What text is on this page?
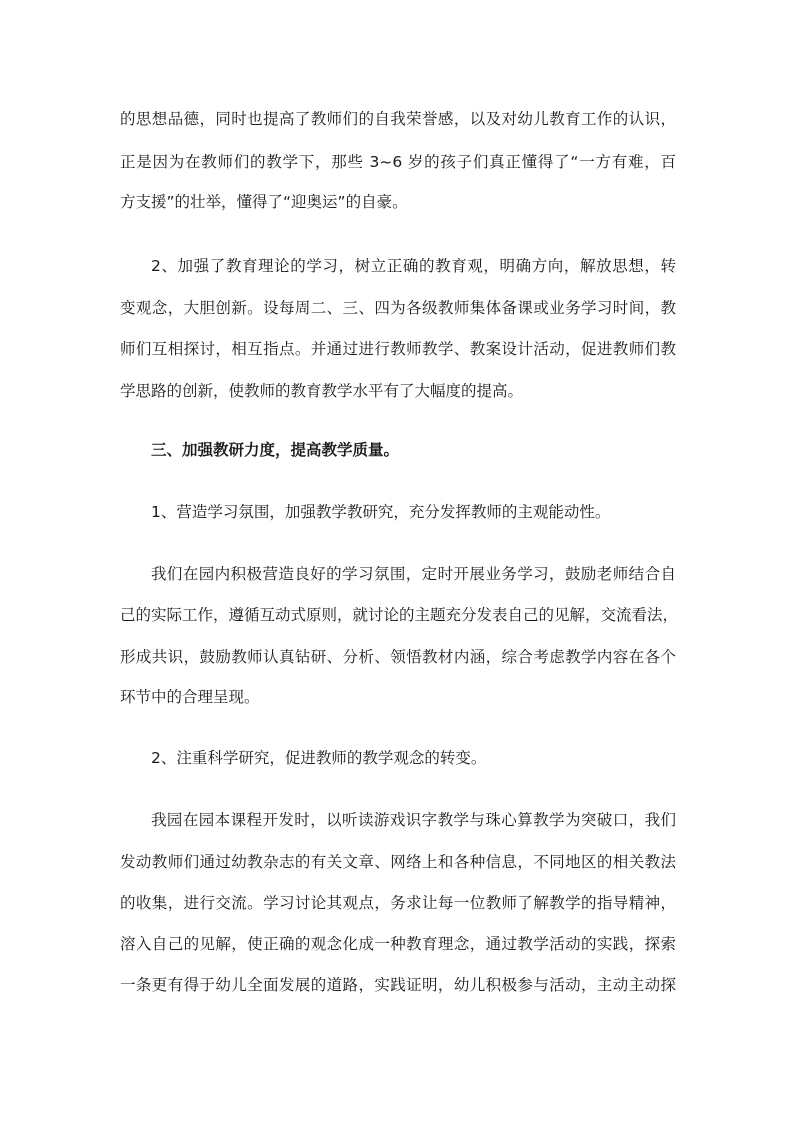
的思想品德，同时也提高了教师们的自我荣誉感，以及对幼儿教育工作的认识，
正是因为在教师们的教学下，那些 3~6 岁的孩子们真正懂得了“一方有难，百
方支援”的壮举，懂得了“迎奥运”的自豪。
2、加强了教育理论的学习，树立正确的教育观，明确方向，解放思想，转
变观念，大胆创新。设每周二、三、四为各级教师集体备课或业务学习时间，教
师们互相探讨，相互指点。并通过进行教师教学、教案设计活动，促进教师们教
学思路的创新，使教师的教育教学水平有了大幅度的提高。
三、加强教研力度，提高教学质量。
1、营造学习氛围，加强教学教研究，充分发挥教师的主观能动性。
我们在园内积极营造良好的学习氛围，定时开展业务学习，鼓励老师结合自
己的实际工作，遵循互动式原则，就讨论的主题充分发表自己的见解，交流看法，
形成共识，鼓励教师认真钻研、分析、领悟教材内涵，综合考虑教学内容在各个
环节中的合理呈现。
2、注重科学研究，促进教师的教学观念的转变。
我园在园本课程开发时，以听读游戏识字教学与珠心算教学为突破口，我们
发动教师们通过幼教杂志的有关文章、网络上和各种信息，不同地区的相关教法
的收集，进行交流。学习讨论其观点，务求让每一位教师了解教学的指导精神，
溶入自己的见解，使正确的观念化成一种教育理念，通过教学活动的实践，探索
一条更有得于幼儿全面发展的道路，实践证明，幼儿积极参与活动，主动主动探
